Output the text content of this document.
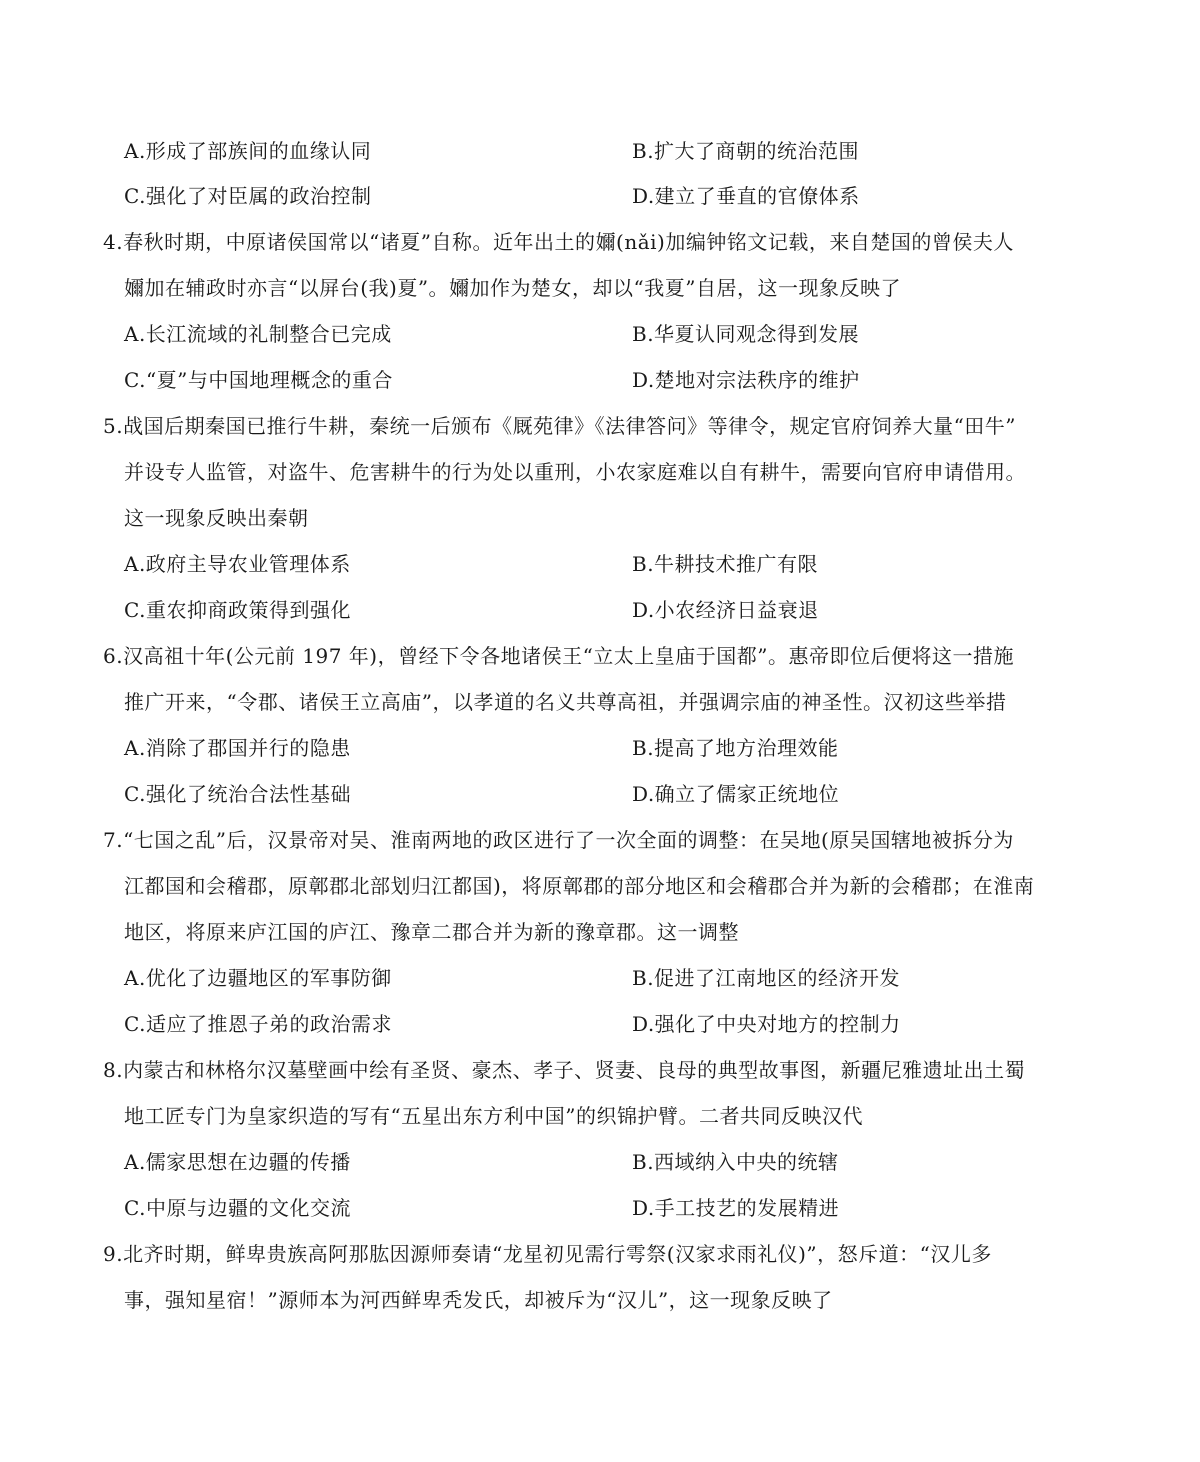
A.形成了部族间的血缘认同	B.扩大了商朝的统治范围
C.强化了对臣属的政治控制	D.建立了垂直的官僚体系
4.春秋时期，中原诸侯国常以“诸夏”自称。近年出土的嬭(nǎi)加编钟铭文记载，来自楚国的曾侯夫人
嬭加在辅政时亦言“以屏台(我)夏”。嬭加作为楚女，却以“我夏”自居，这一现象反映了
A.长江流域的礼制整合已完成	B.华夏认同观念得到发展
C.“夏”与中国地理概念的重合	D.楚地对宗法秩序的维护
5.战国后期秦国已推行牛耕，秦统一后颁布《厩苑律》《法律答问》等律令，规定官府饲养大量“田牛”
并设专人监管，对盗牛、危害耕牛的行为处以重刑，小农家庭难以自有耕牛，需要向官府申请借用。
这一现象反映出秦朝
A.政府主导农业管理体系	B.牛耕技术推广有限
C.重农抑商政策得到强化	D.小农经济日益衰退
6.汉高祖十年(公元前 197 年)，曾经下令各地诸侯王“立太上皇庙于国都”。惠帝即位后便将这一措施
推广开来，“令郡、诸侯王立高庙”，以孝道的名义共尊高祖，并强调宗庙的神圣性。汉初这些举措
A.消除了郡国并行的隐患	B.提高了地方治理效能
C.强化了统治合法性基础	D.确立了儒家正统地位
7.“七国之乱”后，汉景帝对吴、淮南两地的政区进行了一次全面的调整：在吴地(原吴国辖地被拆分为
江都国和会稽郡，原鄣郡北部划归江都国)，将原鄣郡的部分地区和会稽郡合并为新的会稽郡；在淮南
地区，将原来庐江国的庐江、豫章二郡合并为新的豫章郡。这一调整
A.优化了边疆地区的军事防御	B.促进了江南地区的经济开发
C.适应了推恩子弟的政治需求	D.强化了中央对地方的控制力
8.内蒙古和林格尔汉墓壁画中绘有圣贤、豪杰、孝子、贤妻、良母的典型故事图，新疆尼雅遗址出土蜀
地工匠专门为皇家织造的写有“五星出东方利中国”的织锦护臂。二者共同反映汉代
A.儒家思想在边疆的传播	B.西域纳入中央的统辖
C.中原与边疆的文化交流	D.手工技艺的发展精进
9.北齐时期，鲜卑贵族高阿那肱因源师奏请“龙星初见需行雩祭(汉家求雨礼仪)”，怒斥道：“汉儿多
事，强知星宿！”源师本为河西鲜卑秃发氏，却被斥为“汉儿”，这一现象反映了
